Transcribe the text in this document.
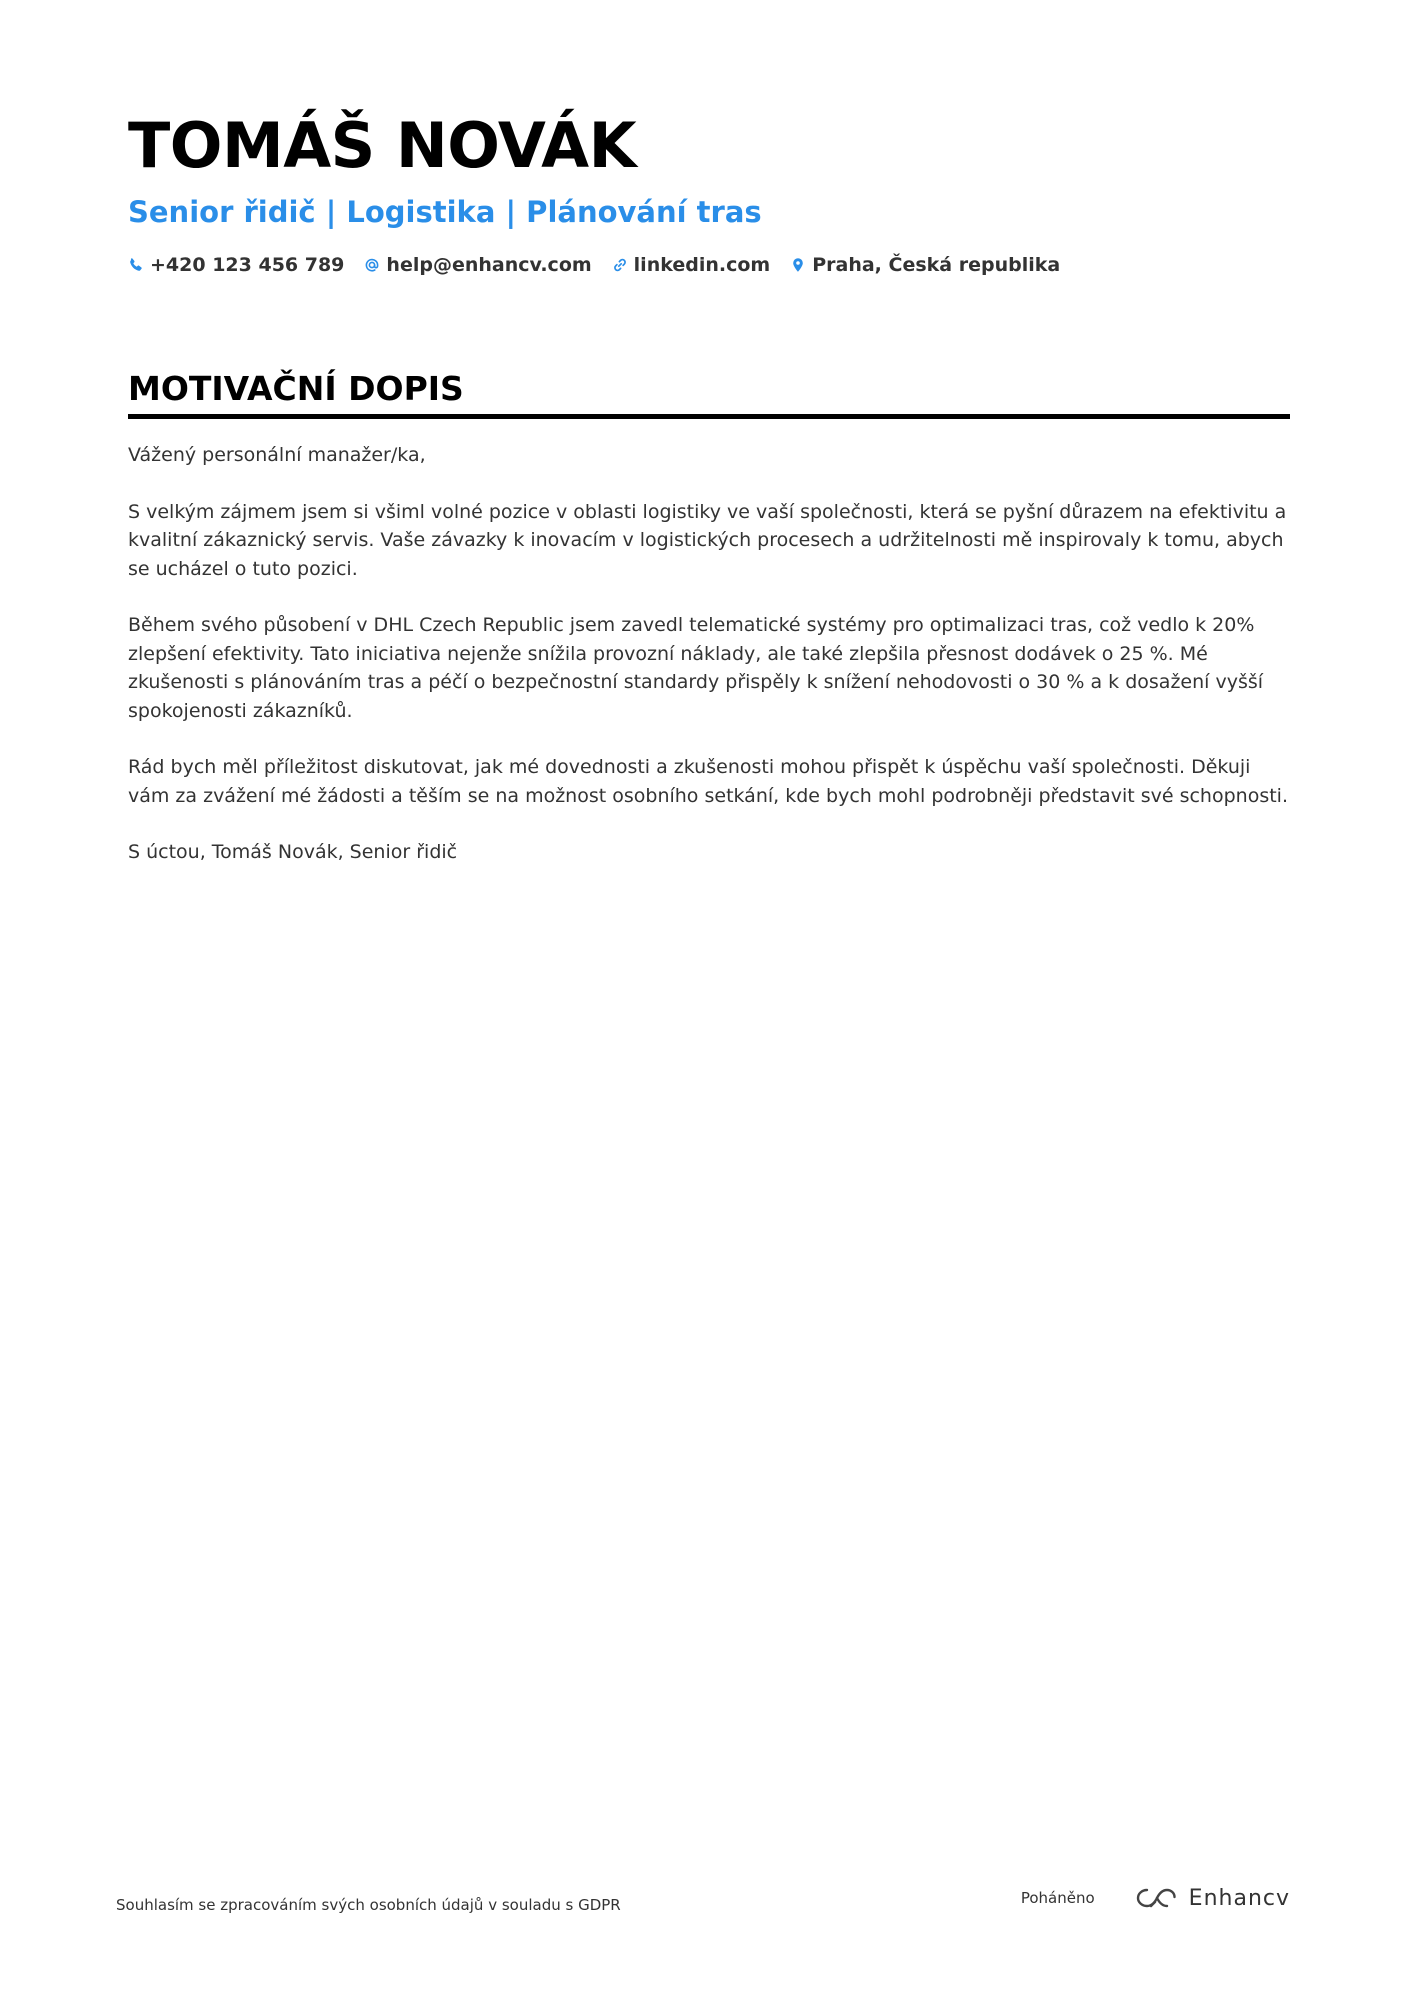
TOMÁŠ NOVÁK
Senior řidič | Logistika | Plánování tras
+420 123 456 789 help@enhancv.com linkedin.com Praha, Česká republika
MOTIVAČNÍ DOPIS

Vážený personální manažer/ka,

S velkým zájmem jsem si všiml volné pozice v oblasti logistiky ve vaší společnosti, která se pyšní důrazem na efektivitu a kvalitní zákaznický servis. Vaše závazky k inovacím v logistických procesech a udržitelnosti mě inspirovaly k tomu, abych se ucházel o tuto pozici.

Během svého působení v DHL Czech Republic jsem zavedl telematické systémy pro optimalizaci tras, což vedlo k 20% zlepšení efektivity. Tato iniciativa nejenže snížila provozní náklady, ale také zlepšila přesnost dodávek o 25 %. Mé zkušenosti s plánováním tras a péčí o bezpečnostní standardy přispěly k snížení nehodovosti o 30 % a k dosažení vyšší spokojenosti zákazníků.

Rád bych měl příležitost diskutovat, jak mé dovednosti a zkušenosti mohou přispět k úspěchu vaší společnosti. Děkuji vám za zvážení mé žádosti a těším se na možnost osobního setkání, kde bych mohl podrobněji představit své schopnosti.

S úctou, Tomáš Novák, Senior řidič

Souhlasím se zpracováním svých osobních údajů v souladu s GDPR	Poháněno	Enhancv
